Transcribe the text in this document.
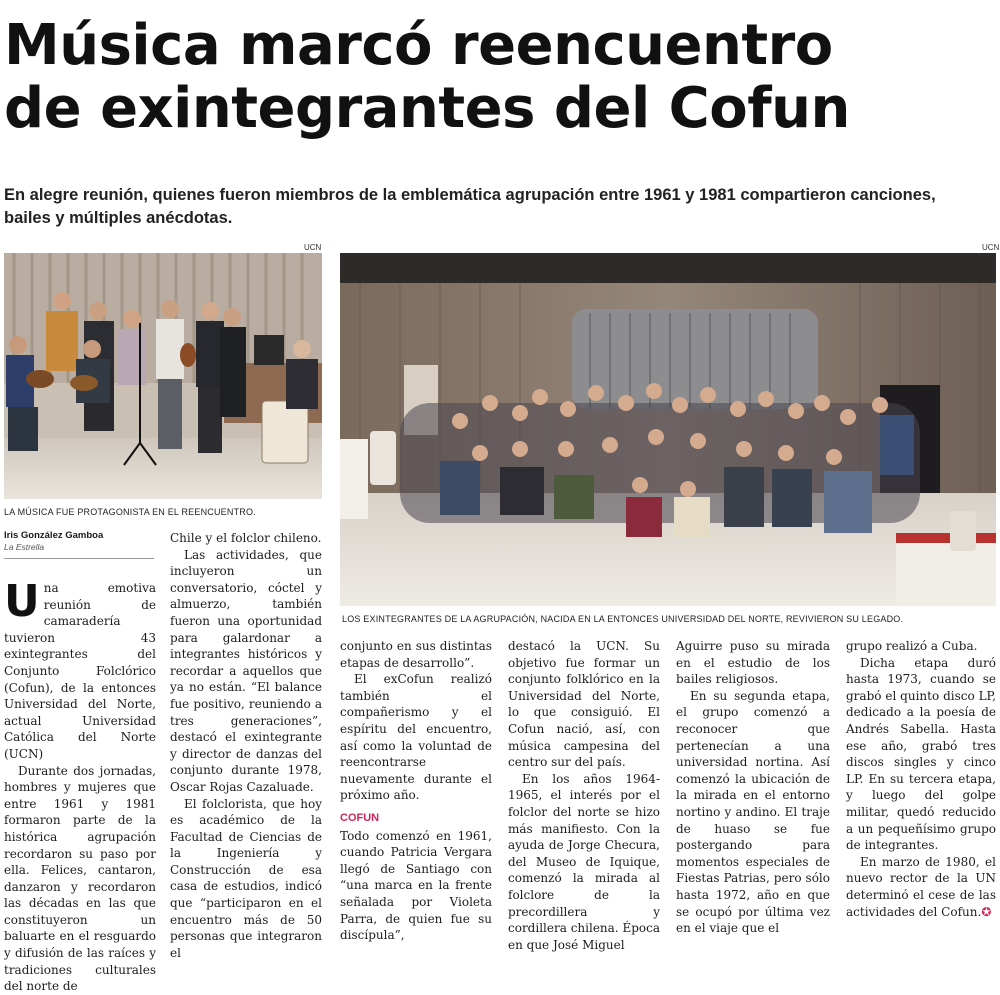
Música marcó reencuentro
de exintegrantes del Cofun
En alegre reunión, quienes fueron miembros de la emblemática agrupación entre 1961 y 1981 compartieron canciones, bailes y múltiples anécdotas.
UCN
LA MÚSICA FUE PROTAGONISTA EN EL REENCUENTRO.
UCN
LOS EXINTEGRANTES DE LA AGRUPACIÓN, NACIDA EN LA ENTONCES UNIVERSIDAD DEL NORTE, REVIVIERON SU LEGADO.
Iris González Gamboa
La Estrella

Una emotiva reunión de camaradería tuvieron 43 exintegrantes del Conjunto Folclórico (Cofun), de la entonces Universidad del Norte, actual Universidad Católica del Norte (UCN)

Durante dos jornadas, hombres y mujeres que entre 1961 y 1981 formaron parte de la histórica agrupación recordaron su paso por ella. Felices, cantaron, danzaron y recordaron las décadas en las que constituyeron un baluarte en el resguardo y difusión de las raíces y tradiciones culturales del norte de

Chile y el folclor chileno.

Las actividades, que incluyeron un conversatorio, cóctel y almuerzo, también fueron una oportunidad para galardonar a integrantes históricos y recordar a aquellos que ya no están. “El balance fue positivo, reuniendo a tres generaciones”, destacó el exintegrante y director de danzas del conjunto durante 1978, Oscar Rojas Cazaluade.

El folclorista, que hoy es académico de la Facultad de Ciencias de la Ingeniería y Construcción de esa casa de estudios, indicó que “participaron en el encuentro más de 50 personas que integraron el

conjunto en sus distintas etapas de desarrollo”.

El exCofun realizó también el compañerismo y el espíritu del encuentro, así como la voluntad de reencontrarse nuevamente durante el próximo año.

COFUN

Todo comenzó en 1961, cuando Patricia Vergara llegó de Santiago con “una marca en la frente señalada por Violeta Parra, de quien fue su discípula”,

destacó la UCN. Su objetivo fue formar un conjunto folklórico en la Universidad del Norte, lo que consiguió. El Cofun nació, así, con música campesina del centro sur del país.

En los años 1964-1965, el interés por el folclor del norte se hizo más manifiesto. Con la ayuda de Jorge Checura, del Museo de Iquique, comenzó la mirada al folclore de la precordillera y cordillera chilena. Época en que José Miguel

Aguirre puso su mirada en el estudio de los bailes religiosos.

En su segunda etapa, el grupo comenzó a reconocer que pertenecían a una universidad nortina. Así comenzó la ubicación de la mirada en el entorno nortino y andino. El traje de huaso se fue postergando para momentos especiales de Fiestas Patrias, pero sólo hasta 1972, año en que se ocupó por última vez en el viaje que el

grupo realizó a Cuba.

Dicha etapa duró hasta 1973, cuando se grabó el quinto disco LP, dedicado a la poesía de Andrés Sabella. Hasta ese año, grabó tres discos singles y cinco LP. En su tercera etapa, y luego del golpe militar, quedó reducido a un pequeñísimo grupo de integrantes.

En marzo de 1980, el nuevo rector de la UN determinó el cese de las actividades del Cofun.✪
